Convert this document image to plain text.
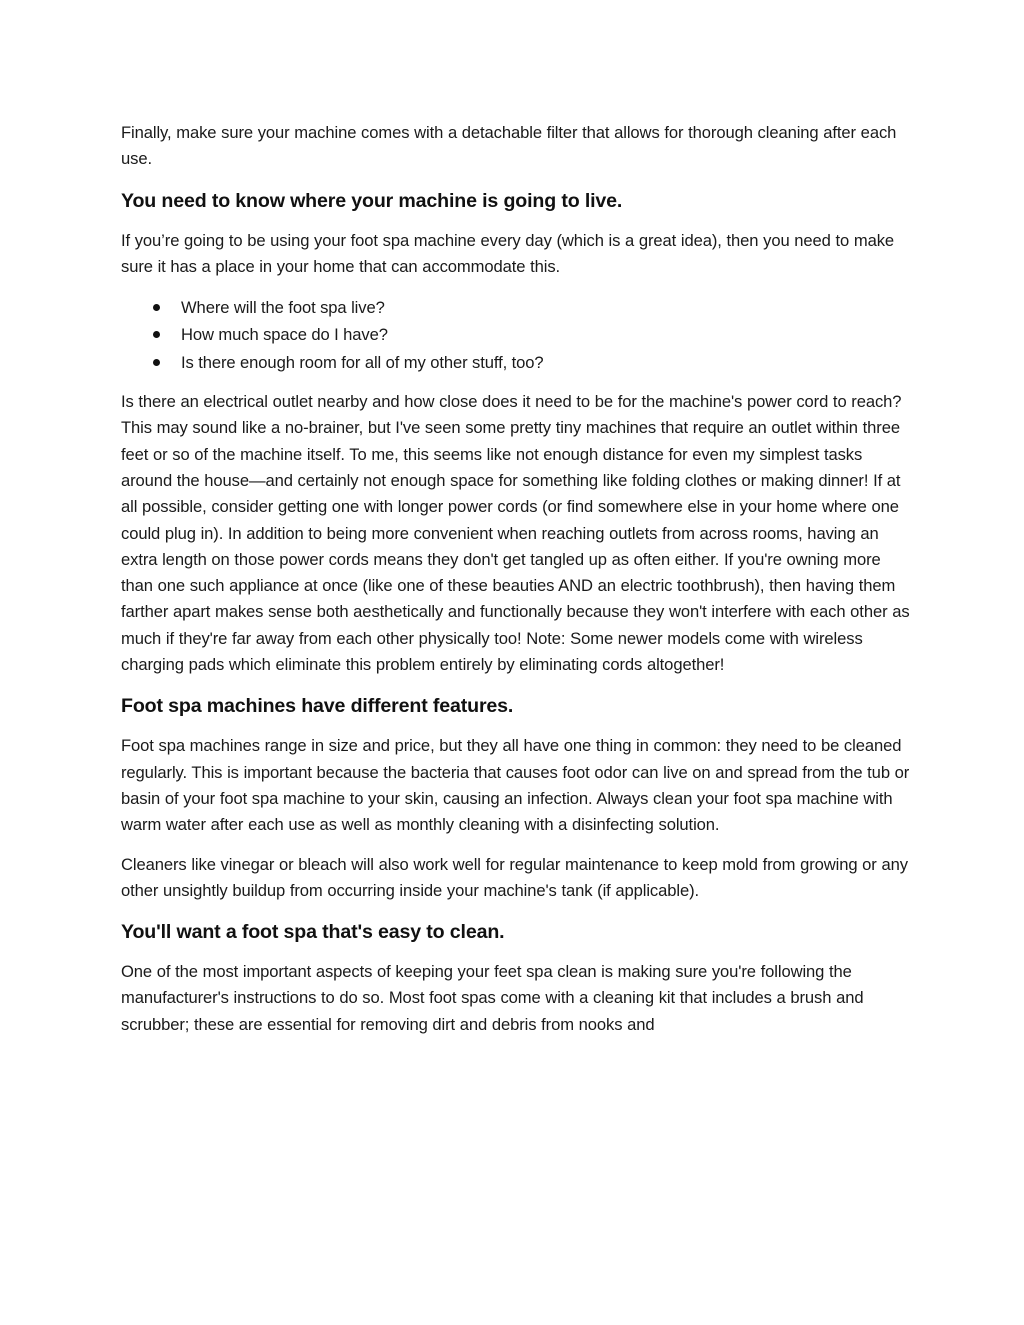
Finally, make sure your machine comes with a detachable filter that allows for thorough cleaning after each use.

You need to know where your machine is going to live.

If you’re going to be using your foot spa machine every day (which is a great idea), then you need to make sure it has a place in your home that can accommodate this.

Where will the foot spa live?
How much space do I have?
Is there enough room for all of my other stuff, too?

Is there an electrical outlet nearby and how close does it need to be for the machine's power cord to reach? This may sound like a no-brainer, but I've seen some pretty tiny machines that require an outlet within three feet or so of the machine itself. To me, this seems like not enough distance for even my simplest tasks around the house—and certainly not enough space for something like folding clothes or making dinner! If at all possible, consider getting one with longer power cords (or find somewhere else in your home where one could plug in). In addition to being more convenient when reaching outlets from across rooms, having an extra length on those power cords means they don't get tangled up as often either. If you're owning more than one such appliance at once (like one of these beauties AND an electric toothbrush), then having them farther apart makes sense both aesthetically and functionally because they won't interfere with each other as much if they're far away from each other physically too! Note: Some newer models come with wireless charging pads which eliminate this problem entirely by eliminating cords altogether!

Foot spa machines have different features.

Foot spa machines range in size and price, but they all have one thing in common: they need to be cleaned regularly. This is important because the bacteria that causes foot odor can live on and spread from the tub or basin of your foot spa machine to your skin, causing an infection. Always clean your foot spa machine with warm water after each use as well as monthly cleaning with a disinfecting solution.

Cleaners like vinegar or bleach will also work well for regular maintenance to keep mold from growing or any other unsightly buildup from occurring inside your machine's tank (if applicable).

You'll want a foot spa that's easy to clean.

One of the most important aspects of keeping your feet spa clean is making sure you're following the manufacturer's instructions to do so. Most foot spas come with a cleaning kit that includes a brush and scrubber; these are essential for removing dirt and debris from nooks and
